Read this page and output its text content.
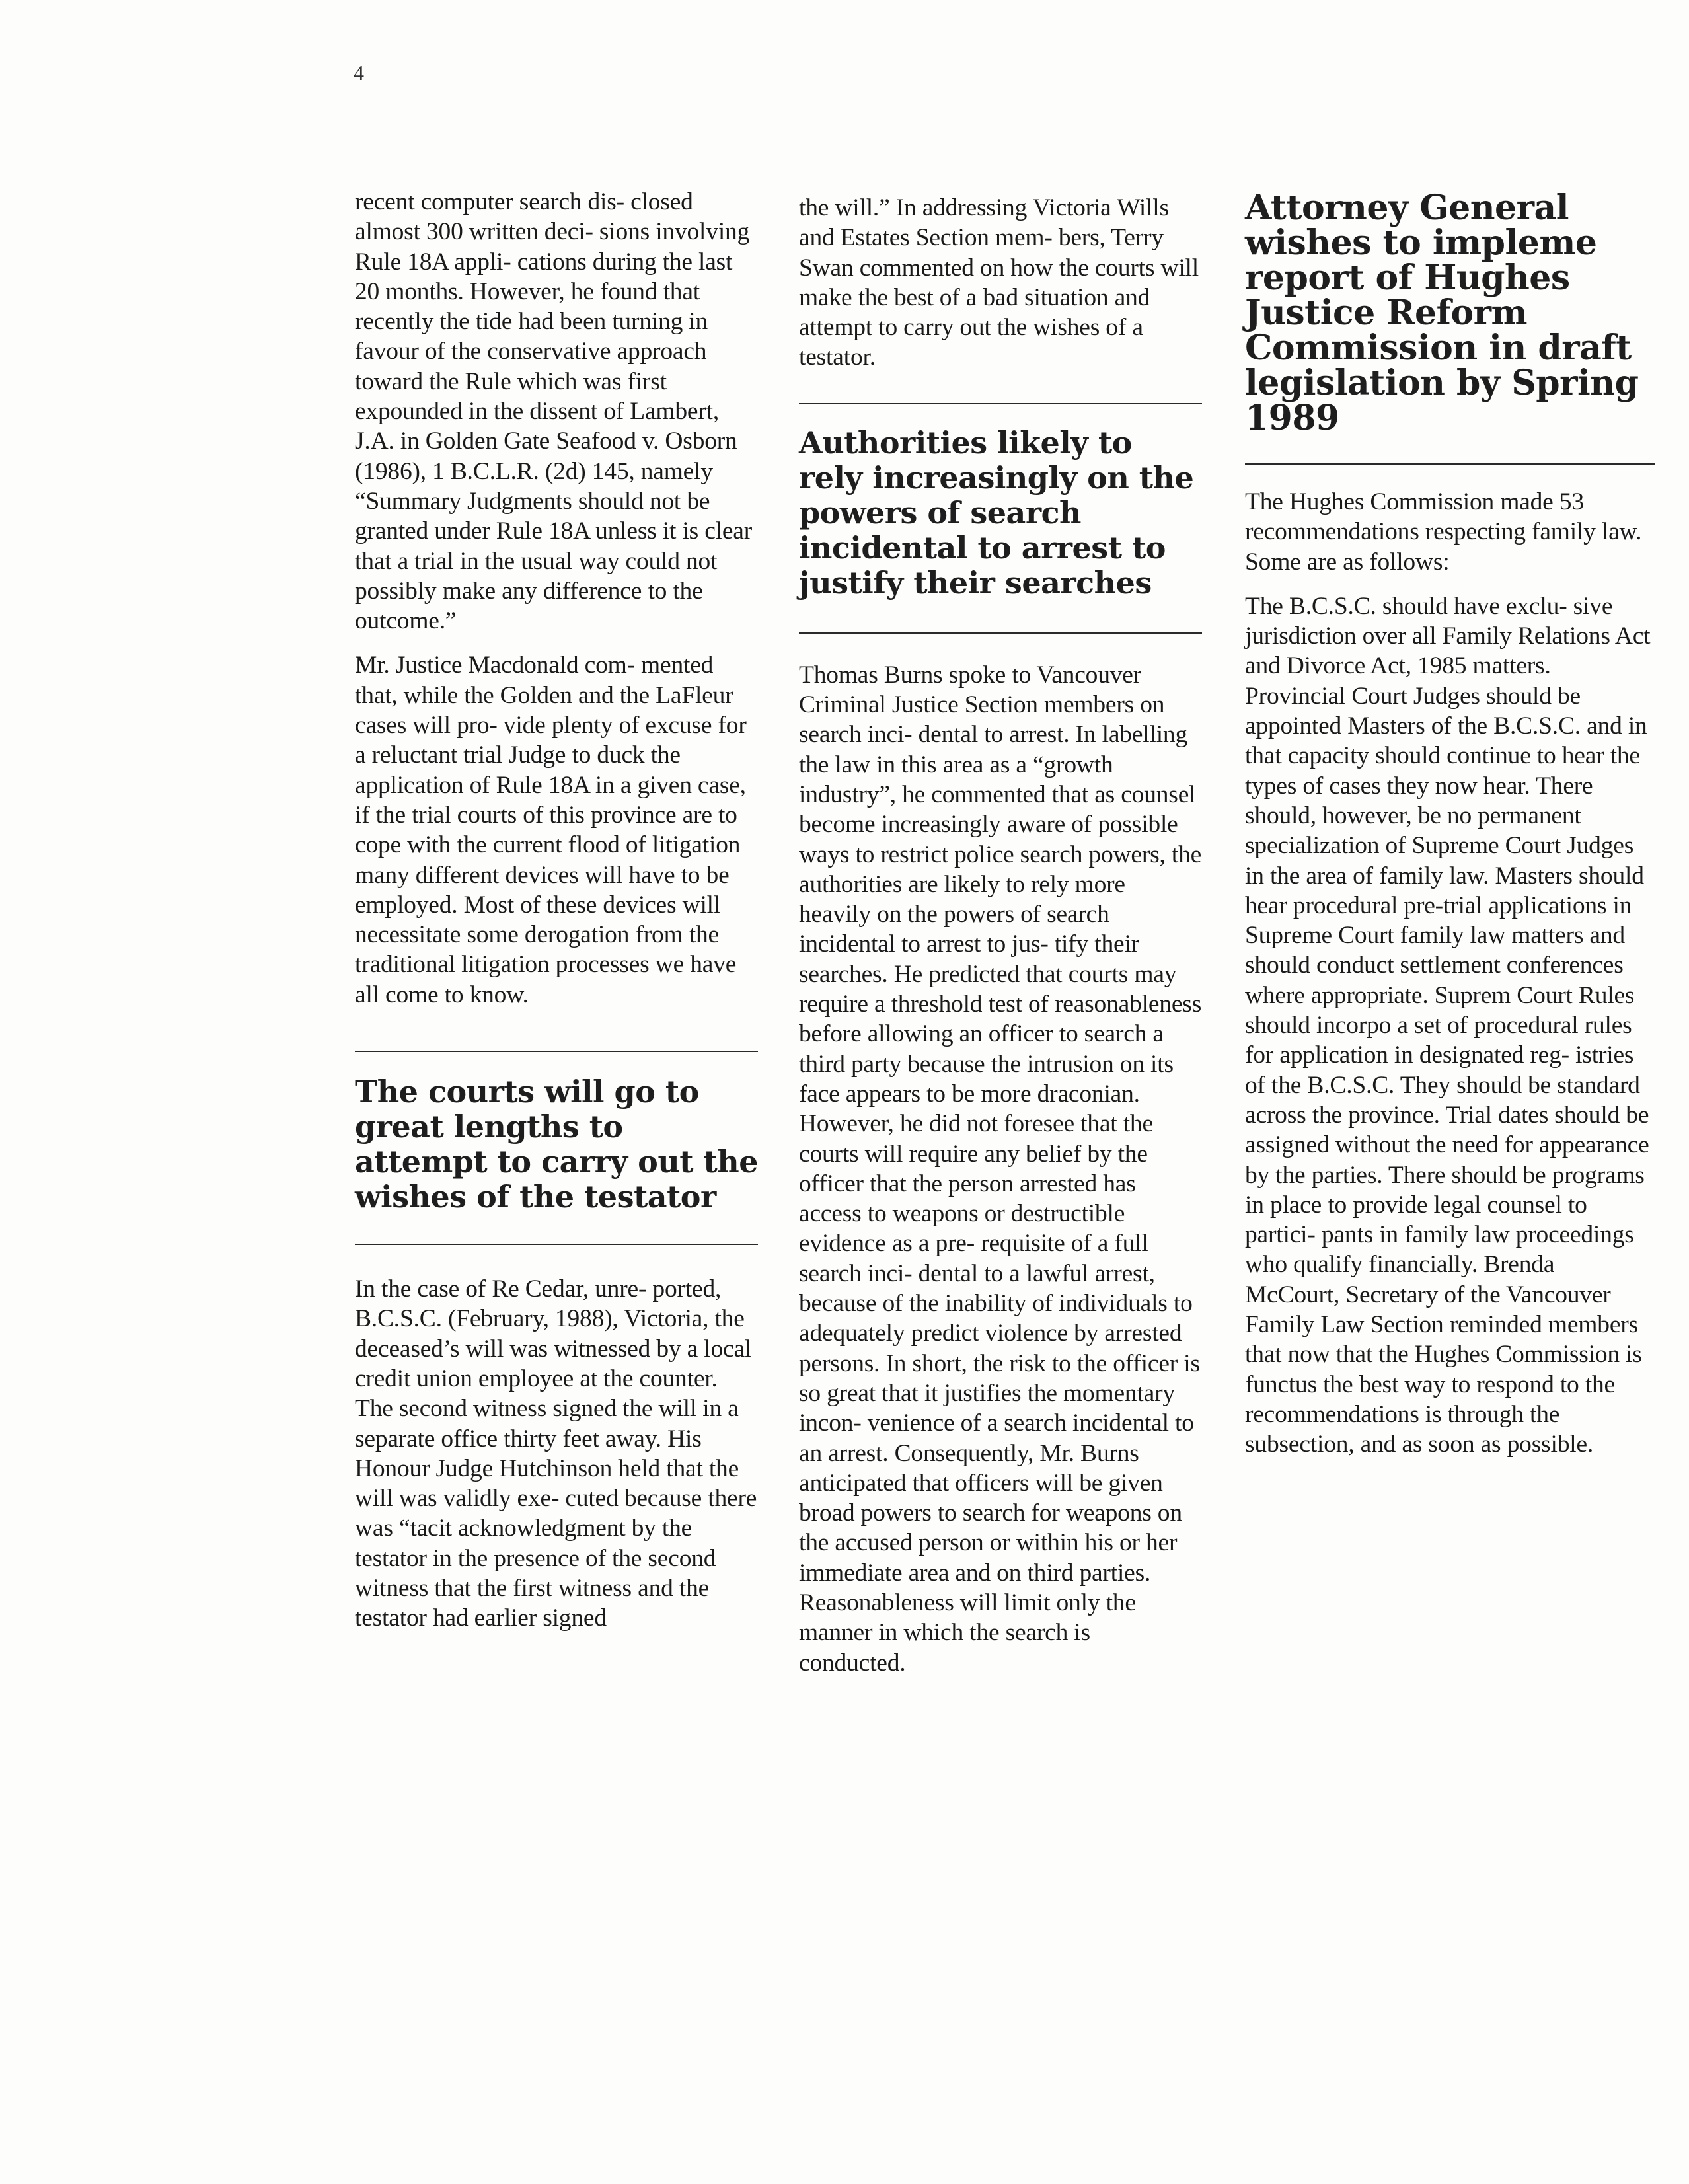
4

recent computer search dis- closed almost 300 written deci- sions involving Rule 18A appli- cations during the last 20 months. However, he found that recently the tide had been turning in favour of the conservative approach toward the Rule which was first expounded in the dissent of Lambert, J.A. in Golden Gate Seafood v. Osborn (1986), 1 B.C.L.R. (2d) 145, namely “Summary Judgments should not be granted under Rule 18A unless it is clear that a trial in the usual way could not possibly make any difference to the outcome.”

Mr. Justice Macdonald com- mented that, while the Golden and the LaFleur cases will pro- vide plenty of excuse for a reluctant trial Judge to duck the application of Rule 18A in a given case, if the trial courts of this province are to cope with the current flood of litigation many different devices will have to be employed. Most of these devices will necessitate some derogation from the traditional litigation processes we have all come to know.

The courts will go to great lengths to attempt to carry out the wishes of the testator

In the case of Re Cedar, unre- ported, B.C.S.C. (February, 1988), Victoria, the deceased’s will was witnessed by a local credit union employee at the counter. The second witness signed the will in a separate office thirty feet away. His Honour Judge Hutchinson held that the will was validly exe- cuted because there was “tacit acknowledgment by the testator in the presence of the second witness that the first witness and the testator had earlier signed

the will.” In addressing Victoria Wills and Estates Section mem- bers, Terry Swan commented on how the courts will make the best of a bad situation and attempt to carry out the wishes of a testator.

Authorities likely to rely increasingly on the powers of search incidental to arrest to justify their searches

Thomas Burns spoke to Vancouver Criminal Justice Section members on search inci- dental to arrest. In labelling the law in this area as a “growth industry”, he commented that as counsel become increasingly aware of possible ways to restrict police search powers, the authorities are likely to rely more heavily on the powers of search incidental to arrest to jus- tify their searches. He predicted that courts may require a threshold test of reasonableness before allowing an officer to search a third party because the intrusion on its face appears to be more draconian. However, he did not foresee that the courts will require any belief by the officer that the person arrested has access to weapons or destructible evidence as a pre- requisite of a full search inci- dental to a lawful arrest, because of the inability of individuals to adequately predict violence by arrested persons. In short, the risk to the officer is so great that it justifies the momentary incon- venience of a search incidental to an arrest. Consequently, Mr. Burns anticipated that officers will be given broad powers to search for weapons on the accused person or within his or her immediate area and on third parties. Reasonableness will limit only the manner in which the search is conducted.

Attorney General wishes to impleme report of Hughes Justice Reform Commission in draft legislation by Spring 1989

The Hughes Commission made 53 recommendations respecting family law. Some are as follows:

The B.C.S.C. should have exclu- sive jurisdiction over all Family Relations Act and Divorce Act, 1985 matters. Provincial Court Judges should be appointed Masters of the B.C.S.C. and in that capacity should continue to hear the types of cases they now hear. There should, however, be no permanent specialization of Supreme Court Judges in the area of family law. Masters should hear procedural pre-trial applications in Supreme Court family law matters and should conduct settlement conferences where appropriate. Suprem Court Rules should incorpo a set of procedural rules for application in designated reg- istries of the B.C.S.C. They should be standard across the province. Trial dates should be assigned without the need for appearance by the parties. There should be programs in place to provide legal counsel to partici- pants in family law proceedings who qualify financially. Brenda McCourt, Secretary of the Vancouver Family Law Section reminded members that now that the Hughes Commission is functus the best way to respond to the recommendations is through the subsection, and as soon as possible.
